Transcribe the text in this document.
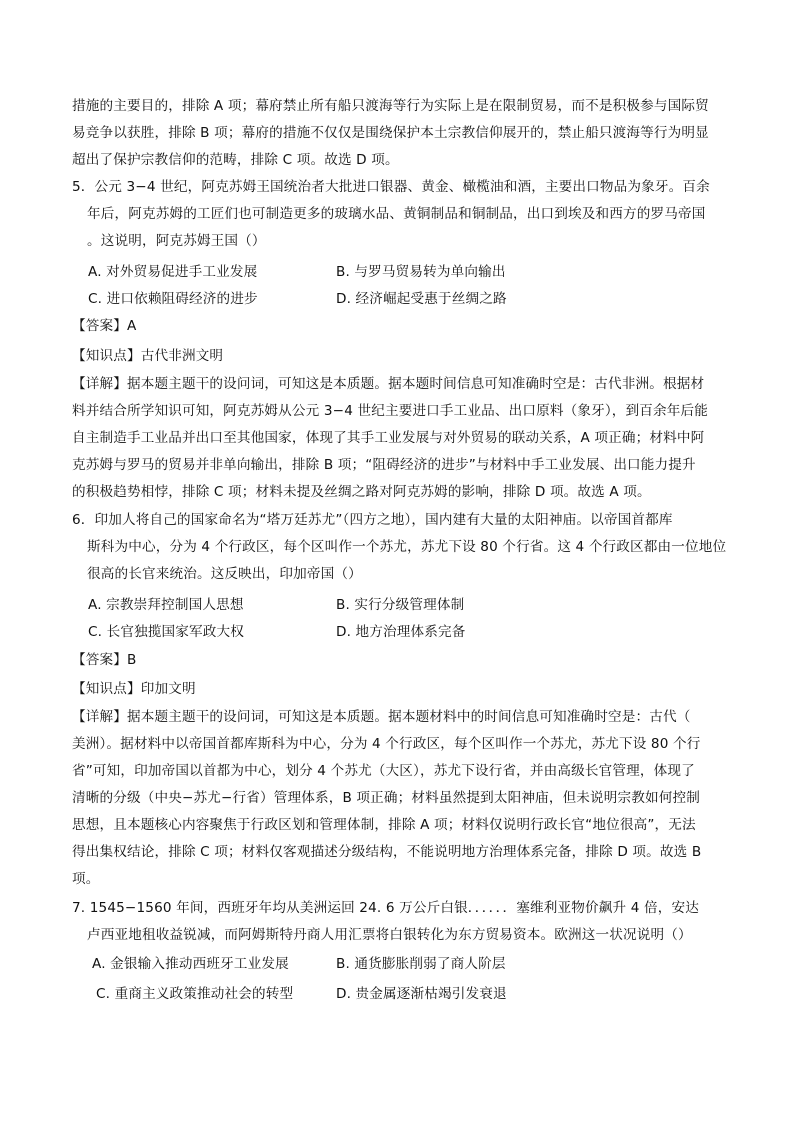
措施的主要目的，排除 A 项；幕府禁止所有船只渡海等行为实际上是在限制贸易，而不是积极参与国际贸
易竞争以获胜，排除 B 项；幕府的措施不仅仅是围绕保护本土宗教信仰展开的，禁止船只渡海等行为明显
超出了保护宗教信仰的范畴，排除 C 项。故选 D 项。
5．公元 3−4 世纪，阿克苏姆王国统治者大批进口银器、黄金、橄榄油和酒，主要出口物品为象牙。百余
年后，阿克苏姆的工匠们也可制造更多的玻璃水品、黄铜制品和铜制品，出口到埃及和西方的罗马帝国
。这说明，阿克苏姆王国（）
A. 对外贸易促进手工业发展	B. 与罗马贸易转为单向输出
C. 进口依赖阻碍经济的进步	D. 经济崛起受惠于丝绸之路
【答案】A
【知识点】古代非洲文明
【详解】据本题主题干的设问词，可知这是本质题。据本题时间信息可知准确时空是：古代非洲。根据材
料并结合所学知识可知，阿克苏姆从公元 3−4 世纪主要进口手工业品、出口原料（象牙），到百余年后能
自主制造手工业品并出口至其他国家，体现了其手工业发展与对外贸易的联动关系，A 项正确；材料中阿
克苏姆与罗马的贸易并非单向输出，排除 B 项；“阻碍经济的进步”与材料中手工业发展、出口能力提升
的积极趋势相悖，排除 C 项；材料未提及丝绸之路对阿克苏姆的影响，排除 D 项。故选 A 项。
6．印加人将自己的国家命名为“塔万廷苏尤”（四方之地），国内建有大量的太阳神庙。以帝国首都库
斯科为中心，分为 4 个行政区，每个区叫作一个苏尤，苏尤下设 80 个行省。这 4 个行政区都由一位地位
很高的长官来统治。这反映出，印加帝国（）
A. 宗教崇拜控制国人思想	B. 实行分级管理体制
C. 长官独揽国家军政大权	D. 地方治理体系完备
【答案】B
【知识点】印加文明
【详解】据本题主题干的设问词，可知这是本质题。据本题材料中的时间信息可知准确时空是：古代（
美洲）。据材料中以帝国首都库斯科为中心，分为 4 个行政区，每个区叫作一个苏尤，苏尤下设 80 个行
省”可知，印加帝国以首都为中心，划分 4 个苏尤（大区），苏尤下设行省，并由高级长官管理，体现了
清晰的分级（中央−苏尤−行省）管理体系，B 项正确；材料虽然提到太阳神庙，但未说明宗教如何控制
思想，且本题核心内容聚焦于行政区划和管理体制，排除 A 项；材料仅说明行政长官“地位很高”，无法
得出集权结论，排除 C 项；材料仅客观描述分级结构，不能说明地方治理体系完备，排除 D 项。故选 B
项。
7. 1545−1560 年间，西班牙年均从美洲运回 24. 6 万公斤白银．．．．．．塞维利亚物价飙升 4 倍，安达
卢西亚地租收益锐减，而阿姆斯特丹商人用汇票将白银转化为东方贸易资本。欧洲这一状况说明（）
A. 金银输入推动西班牙工业发展	B. 通货膨胀削弱了商人阶层
C. 重商主义政策推动社会的转型	D. 贵金属逐渐枯竭引发衰退
